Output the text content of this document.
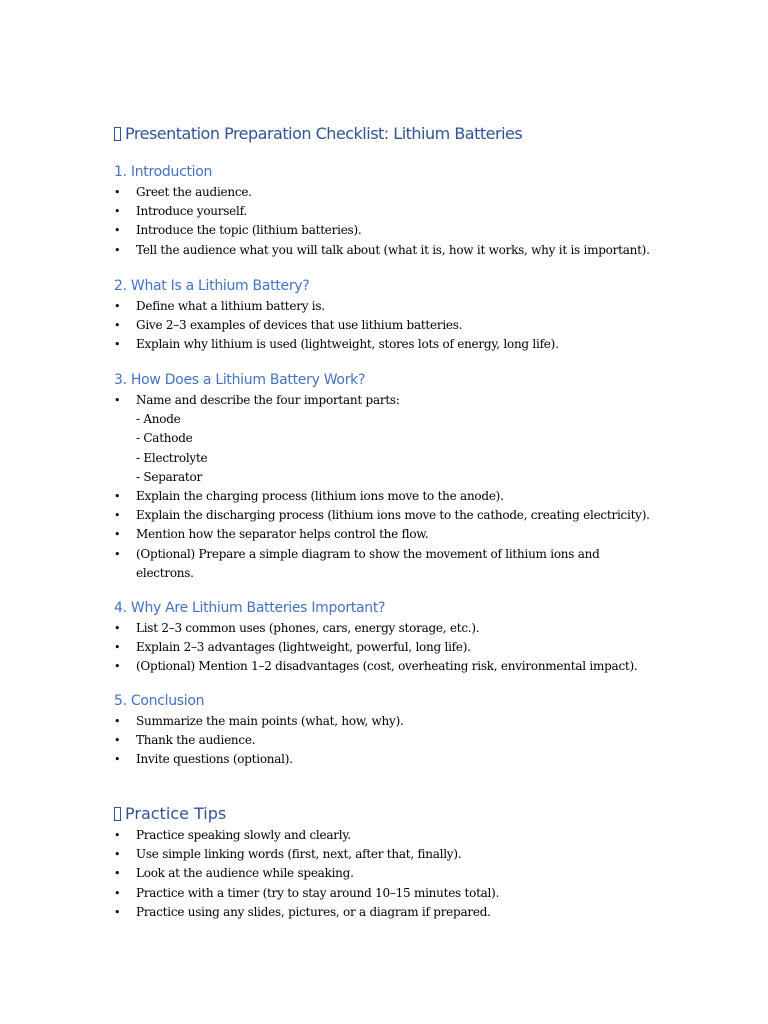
Presentation Preparation Checklist: Lithium Batteries
1. Introduction
• Greet the audience.
• Introduce yourself.
• Introduce the topic (lithium batteries).
• Tell the audience what you will talk about (what it is, how it works, why it is important).
2. What Is a Lithium Battery?
• Define what a lithium battery is.
• Give 2–3 examples of devices that use lithium batteries.
• Explain why lithium is used (lightweight, stores lots of energy, long life).
3. How Does a Lithium Battery Work?
• Name and describe the four important parts:
- Anode
- Cathode
- Electrolyte
- Separator
• Explain the charging process (lithium ions move to the anode).
• Explain the discharging process (lithium ions move to the cathode, creating electricity).
• Mention how the separator helps control the flow.
• (Optional) Prepare a simple diagram to show the movement of lithium ions and
electrons.
4. Why Are Lithium Batteries Important?
• List 2–3 common uses (phones, cars, energy storage, etc.).
• Explain 2–3 advantages (lightweight, powerful, long life).
• (Optional) Mention 1–2 disadvantages (cost, overheating risk, environmental impact).
5. Conclusion
• Summarize the main points (what, how, why).
• Thank the audience.
• Invite questions (optional).
Practice Tips
• Practice speaking slowly and clearly.
• Use simple linking words (first, next, after that, finally).
• Look at the audience while speaking.
• Practice with a timer (try to stay around 10–15 minutes total).
• Practice using any slides, pictures, or a diagram if prepared.
